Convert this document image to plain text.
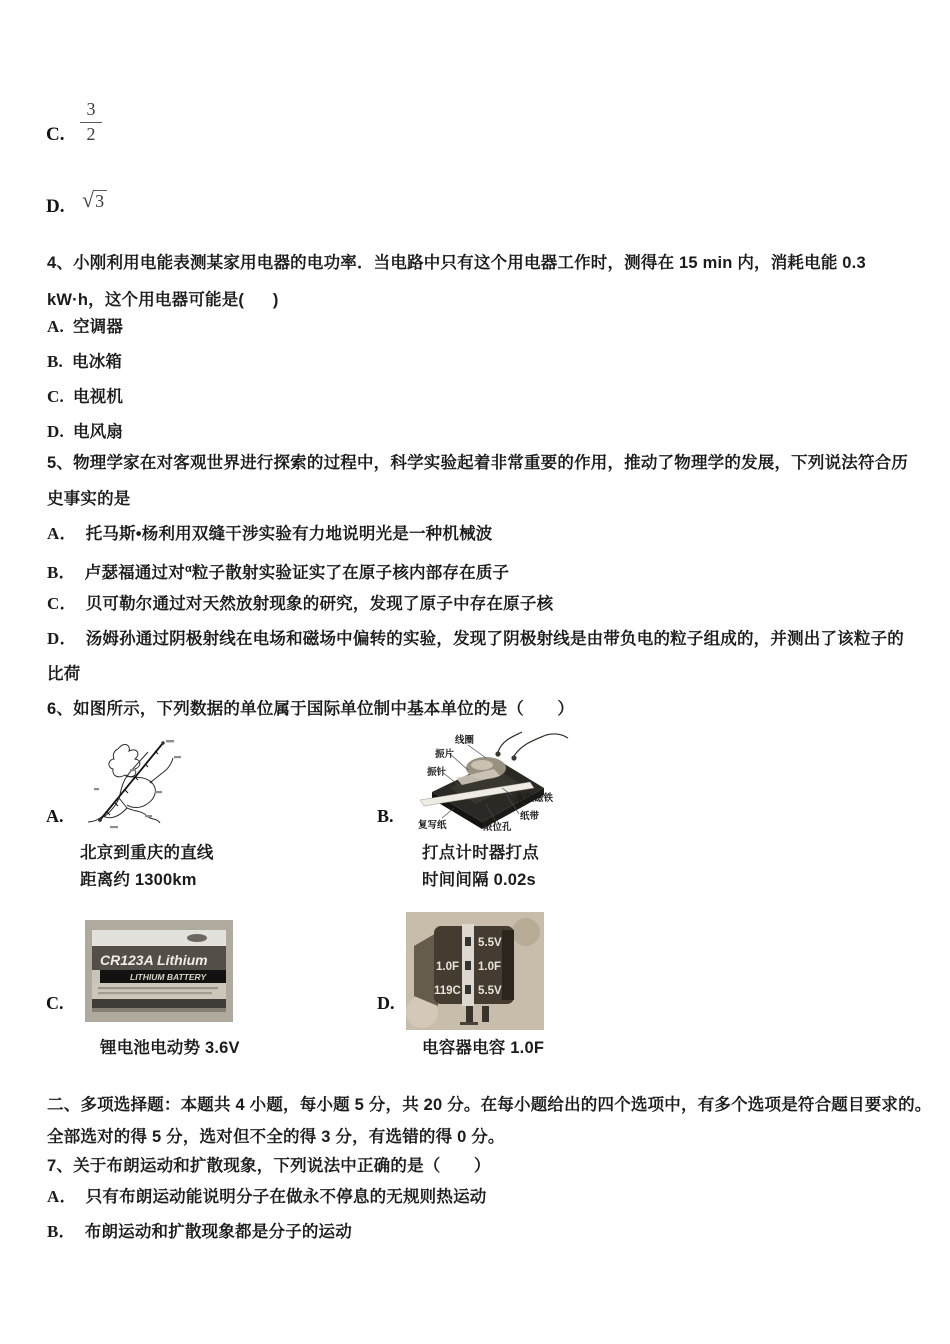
C. $\frac{3}{2}$
D. √3
4、小刚利用电能表测某家用电器的电功率．当电路中只有这个用电器工作时，测得在 15 min 内，消耗电能 0.3
kW·h，这个用电器可能是(      )
A. 空调器
B. 电冰箱
C. 电视机
D. 电风扇
5、物理学家在对客观世界进行探索的过程中，科学实验起着非常重要的作用，推动了物理学的发展，下列说法符合历
史事实的是
A． 托马斯•杨利用双缝干涉实验有力地说明光是一种机械波
B． 卢瑟福通过对$^\alpha$粒子散射实验证实了在原子核内部存在质子
C． 贝可勒尔通过对天然放射现象的研究，发现了原子中存在原子核
D． 汤姆孙通过阴极射线在电场和磁场中偏转的实验，发现了阴极射线是由带负电的粒子组成的，并测出了该粒子的
比荷
6、如图所示，下列数据的单位属于国际单位制中基本单位的是（　　）
A.
北京到重庆的直线
距离约 1300km
B.
线圈
振片
振针
永久磁铁
纸带
限位孔
复写纸
打点计时器打点
时间间隔 0.02s
C.
CR123A Lithium
LITHIUM BATTERY
锂电池电动势 3.6V
D.
5.5V
1.0F 1.0F
119C 5.5V
电容器电容 1.0F
二、多项选择题：本题共 4 小题，每小题 5 分，共 20 分。在每小题给出的四个选项中，有多个选项是符合题目要求的。
全部选对的得 5 分，选对但不全的得 3 分，有选错的得 0 分。
7、关于布朗运动和扩散现象，下列说法中正确的是（　　）
A． 只有布朗运动能说明分子在做永不停息的无规则热运动
B． 布朗运动和扩散现象都是分子的运动
